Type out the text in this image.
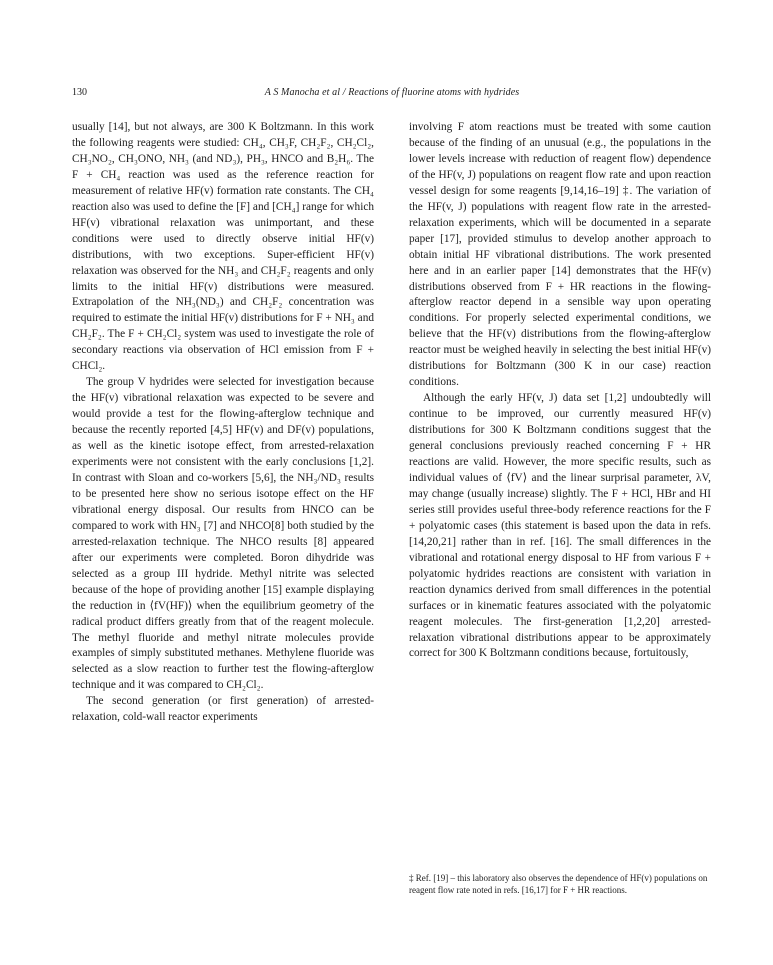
130	A S Manocha et al / Reactions of fluorine atoms with hydrides

usually [14], but not always, are 300 K Boltzmann. In this work the following reagents were studied: CH₄, CH₃F, CH₂F₂, CH₂Cl₂, CH₃NO₂, CH₃ONO, NH₃ (and ND₃), PH₃, HNCO and B₂H₆. The F + CH₄ reaction was used as the reference reaction for measurement of relative HF(v) formation rate constants. The CH₄ reaction also was used to define the [F] and [CH₄] range for which HF(v) vibrational relaxation was unimportant, and these conditions were used to directly observe initial HF(v) distributions, with two exceptions. Super-efficient HF(v) relaxation was observed for the NH₃ and CH₂F₂ reagents and only limits to the initial HF(v) distributions were measured. Extrapolation of the NH₃(ND₃) and CH₂F₂ concentration was required to estimate the initial HF(v) distributions for F + NH₃ and CH₂F₂. The F + CH₂Cl₂ system was used to investigate the role of secondary reactions via observation of HCl emission from F + CHCl₂.

The group V hydrides were selected for investigation because the HF(v) vibrational relaxation was expected to be severe and would provide a test for the flowing-afterglow technique and because the recently reported [4,5] HF(v) and DF(v) populations, as well as the kinetic isotope effect, from arrested-relaxation experiments were not consistent with the early conclusions [1,2]. In contrast with Sloan and co-workers [5,6], the NH₃/ND₃ results to be presented here show no serious isotope effect on the HF vibrational energy disposal. Our results from HNCO can be compared to work with HN₃ [7] and NHCO[8] both studied by the arrested-relaxation technique. The NHCO results [8] appeared after our experiments were completed. Boron dihydride was selected as a group III hydride. Methyl nitrite was selected because of the hope of providing another [15] example displaying the reduction in ⟨fV(HF)⟩ when the equilibrium geometry of the radical product differs greatly from that of the reagent molecule. The methyl fluoride and methyl nitrate molecules provide examples of simply substituted methanes. Methylene fluoride was selected as a slow reaction to further test the flowing-afterglow technique and it was compared to CH₂Cl₂.

The second generation (or first generation) of arrested-relaxation, cold-wall reactor experiments

involving F atom reactions must be treated with some caution because of the finding of an unusual (e.g., the populations in the lower levels increase with reduction of reagent flow) dependence of the HF(v, J) populations on reagent flow rate and upon reaction vessel design for some reagents [9,14,16–19] ‡. The variation of the HF(v, J) populations with reagent flow rate in the arrested-relaxation experiments, which will be documented in a separate paper [17], provided stimulus to develop another approach to obtain initial HF vibrational distributions. The work presented here and in an earlier paper [14] demonstrates that the HF(v) distributions observed from F + HR reactions in the flowing-afterglow reactor depend in a sensible way upon operating conditions. For properly selected experimental conditions, we believe that the HF(v) distributions from the flowing-afterglow reactor must be weighed heavily in selecting the best initial HF(v) distributions for Boltzmann (300 K in our case) reaction conditions.

Although the early HF(v, J) data set [1,2] undoubtedly will continue to be improved, our currently measured HF(v) distributions for 300 K Boltzmann conditions suggest that the general conclusions previously reached concerning F + HR reactions are valid. However, the more specific results, such as individual values of ⟨fV⟩ and the linear surprisal parameter, λV, may change (usually increase) slightly. The F + HCl, HBr and HI series still provides useful three-body reference reactions for the F + polyatomic cases (this statement is based upon the data in refs. [14,20,21] rather than in ref. [16]. The small differences in the vibrational and rotational energy disposal to HF from various F + polyatomic hydrides reactions are consistent with variation in reaction dynamics derived from small differences in the potential surfaces or in kinematic features associated with the polyatomic reagent molecules. The first-generation [1,2,20] arrested-relaxation vibrational distributions appear to be approximately correct for 300 K Boltzmann conditions because, fortuitously,

‡ Ref. [19] – this laboratory also observes the dependence of HF(v) populations on reagent flow rate noted in refs. [16,17] for F + HR reactions.
